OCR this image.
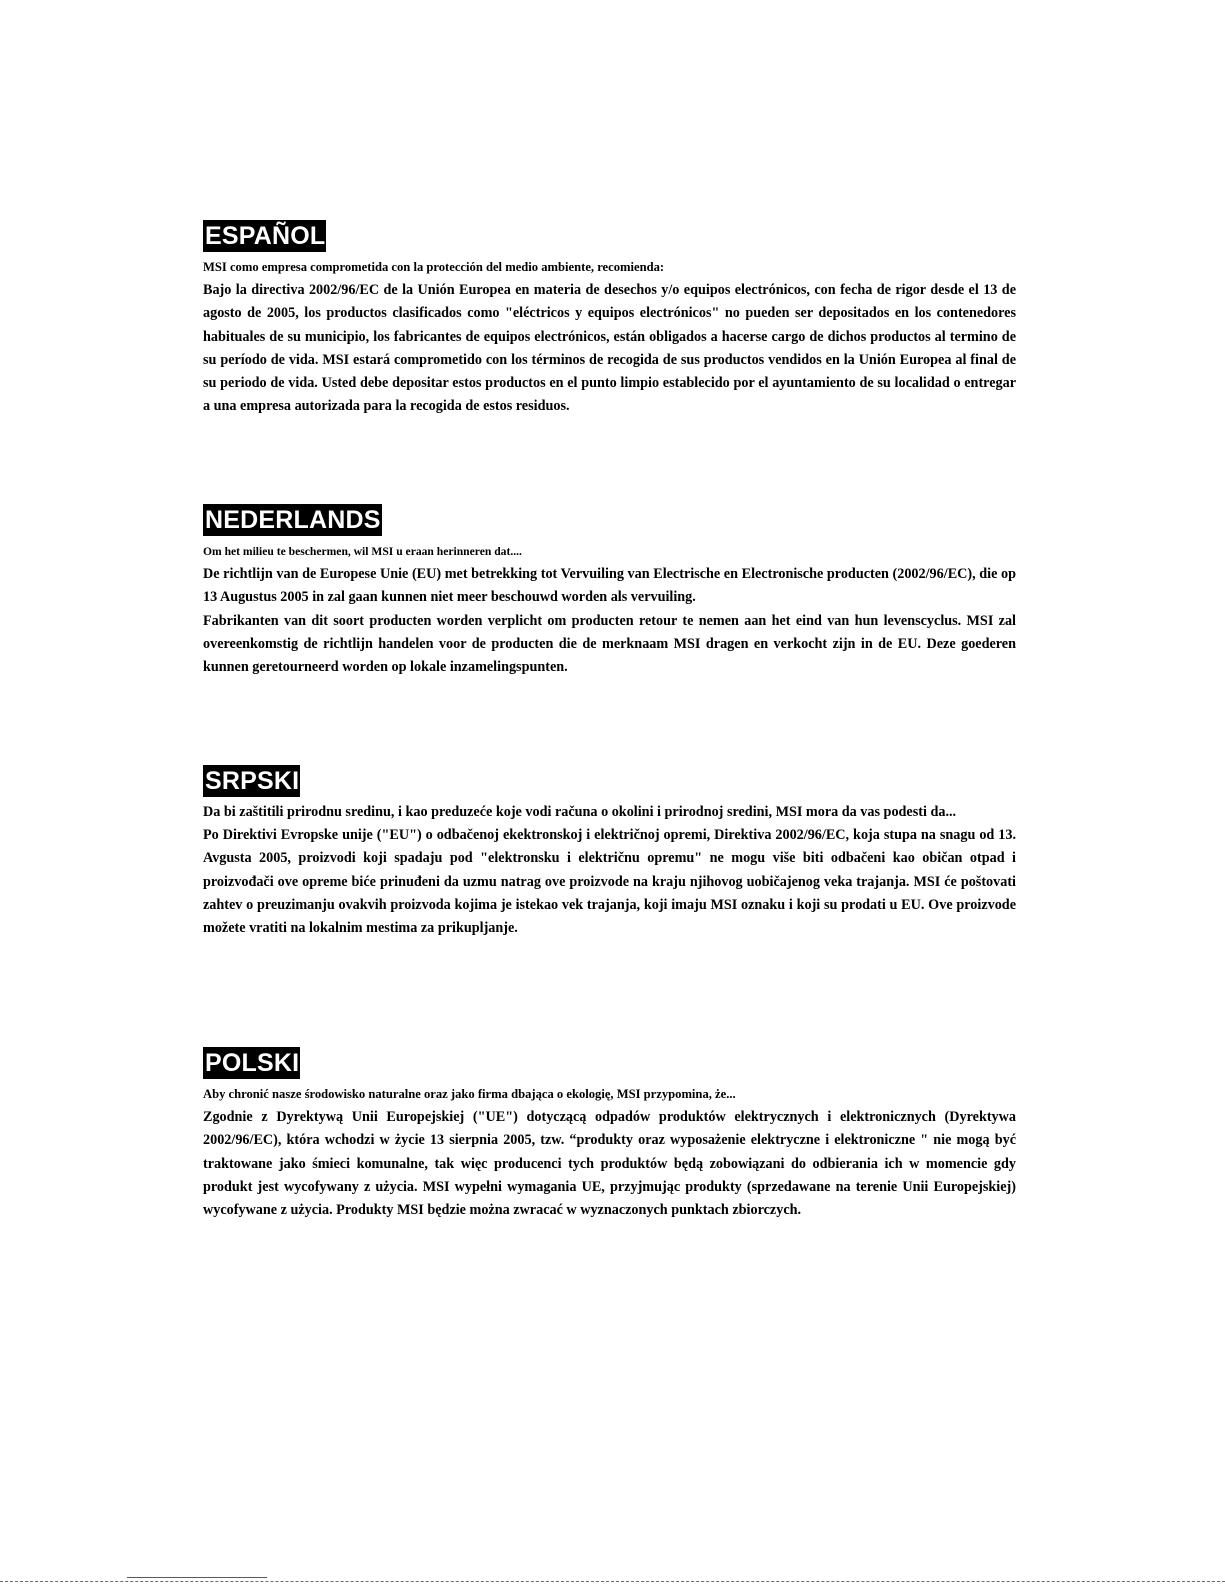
ESPAÑOL

MSI como empresa comprometida con la protección del medio ambiente, recomienda:

Bajo la directiva 2002/96/EC de la Unión Europea en materia de desechos y/o equipos electrónicos, con fecha de rigor desde el 13 de agosto de 2005, los productos clasificados como "eléctricos y equipos electrónicos" no pueden ser depositados en los contenedores habituales de su municipio, los fabricantes de equipos electrónicos, están obligados a hacerse cargo de dichos productos al termino de su período de vida. MSI estará comprometido con los términos de recogida de sus productos vendidos en la Unión Europea al final de su periodo de vida. Usted debe depositar estos productos en el punto limpio establecido por el ayuntamiento de su localidad o entregar a una empresa autorizada para la recogida de estos residuos.

NEDERLANDS

Om het milieu te beschermen, wil MSI u eraan herinneren dat....

De richtlijn van de Europese Unie (EU) met betrekking tot Vervuiling van Electrische en Electronische producten (2002/96/EC), die op 13 Augustus 2005 in zal gaan kunnen niet meer beschouwd worden als vervuiling.

Fabrikanten van dit soort producten worden verplicht om producten retour te nemen aan het eind van hun levenscyclus. MSI zal overeenkomstig de richtlijn handelen voor de producten die de merknaam MSI dragen en verkocht zijn in de EU. Deze goederen kunnen geretourneerd worden op lokale inzamelingspunten.

SRPSKI

Da bi zaštitili prirodnu sredinu, i kao preduzeće koje vodi računa o okolini i prirodnoj sredini, MSI mora da vas podesti da...

Po Direktivi Evropske unije ("EU") o odbačenoj ekektronskoj i električnoj opremi, Direktiva 2002/96/EC, koja stupa na snagu od 13. Avgusta 2005, proizvodi koji spadaju pod "elektronsku i električnu opremu" ne mogu više biti odbačeni kao običan otpad i proizvođači ove opreme biće prinuđeni da uzmu natrag ove proizvode na kraju njihovog uobičajenog veka trajanja. MSI će poštovati zahtev o preuzimanju ovakvih proizvoda kojima je istekao vek trajanja, koji imaju MSI oznaku i koji su prodati u EU. Ove proizvode možete vratiti na lokalnim mestima za prikupljanje.

POLSKI

Aby chronić nasze środowisko naturalne oraz jako firma dbająca o ekologię, MSI przypomina, że...

Zgodnie z Dyrektywą Unii Europejskiej ("UE") dotyczącą odpadów produktów elektrycznych i elektronicznych (Dyrektywa 2002/96/EC), która wchodzi w życie 13 sierpnia 2005, tzw. “produkty oraz wyposażenie elektryczne i elektroniczne " nie mogą być traktowane jako śmieci komunalne, tak więc producenci tych produktów będą zobowiązani do odbierania ich w momencie gdy produkt jest wycofywany z użycia. MSI wypełni wymagania UE, przyjmując produkty (sprzedawane na terenie Unii Europejskiej) wycofywane z użycia. Produkty MSI będzie można zwracać w wyznaczonych punktach zbiorczych.
